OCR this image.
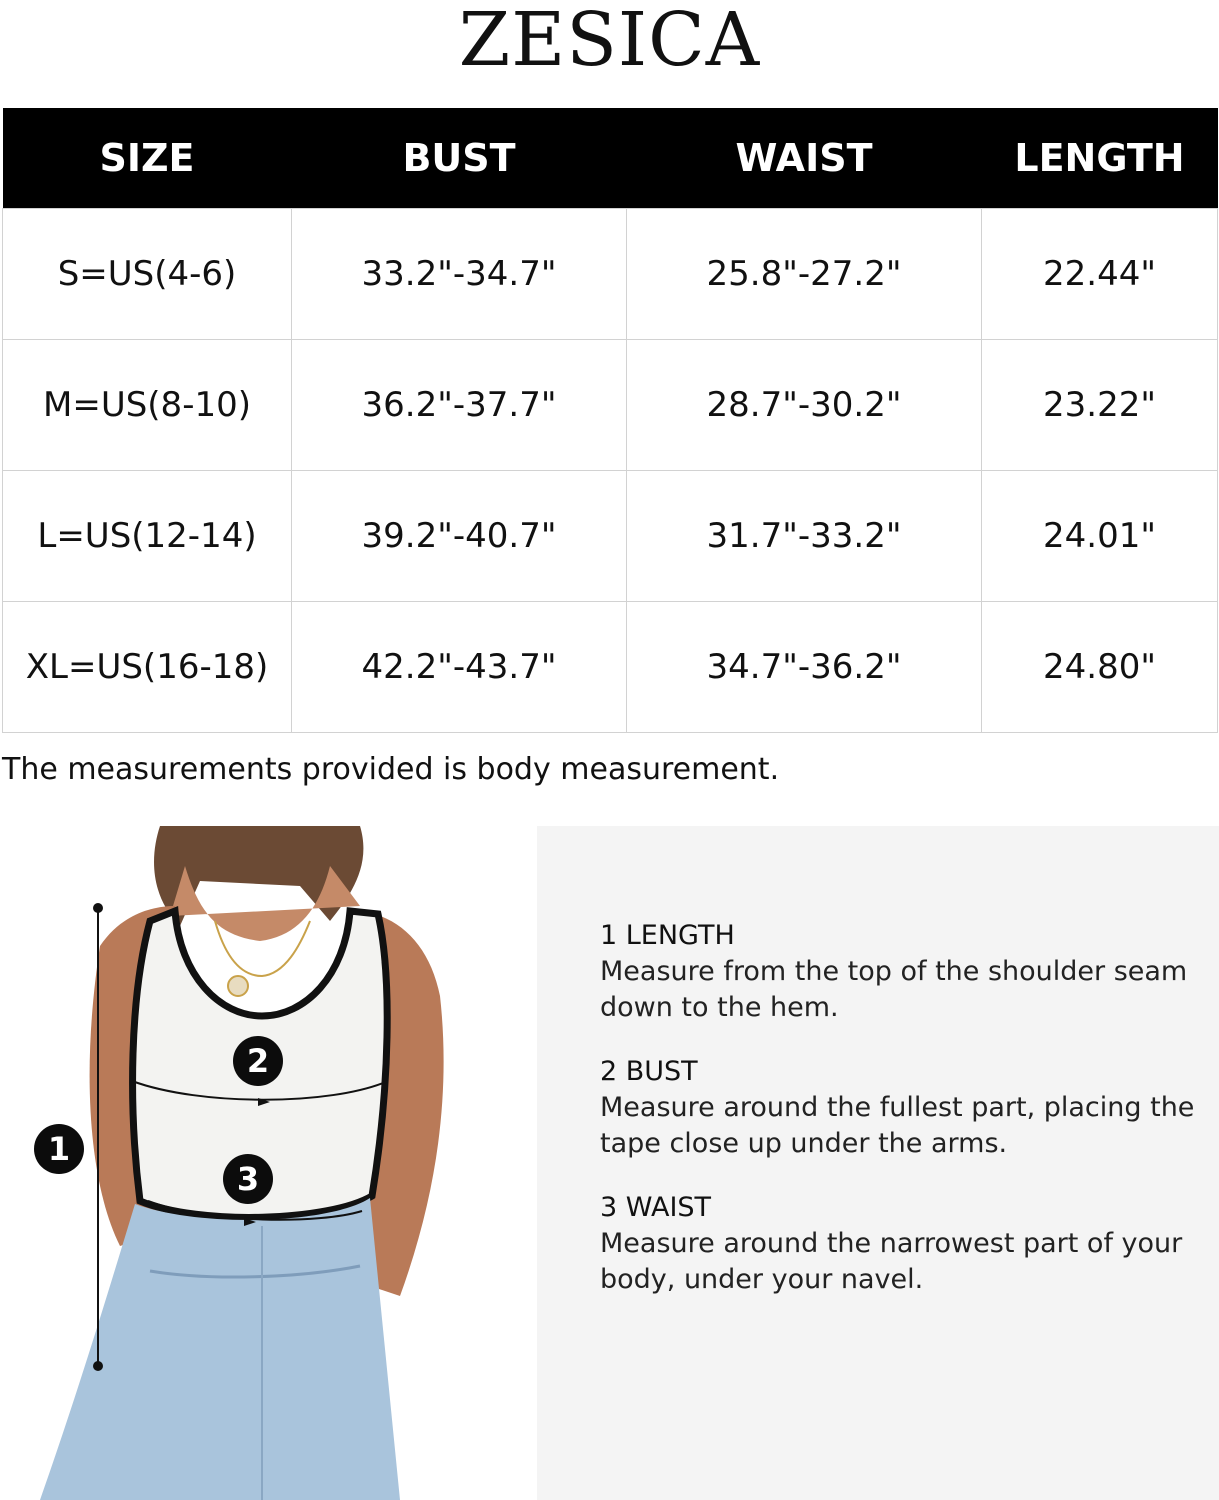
ZESICA
SIZE	BUST	WAIST	LENGTH
S=US(4-6)	33.2"-34.7"	25.8"-27.2"	22.44"
M=US(8-10)	36.2"-37.7"	28.7"-30.2"	23.22"
L=US(12-14)	39.2"-40.7"	31.7"-33.2"	24.01"
XL=US(16-18)	42.2"-43.7"	34.7"-36.2"	24.80"
The measurements provided is body measurement.
1
2
3
1 LENGTH
Measure from the top of the shoulder seam down to the hem.
2 BUST
Measure around the fullest part, placing the tape close up under the arms.
3 WAIST
Measure around the narrowest part of your body, under your navel.
